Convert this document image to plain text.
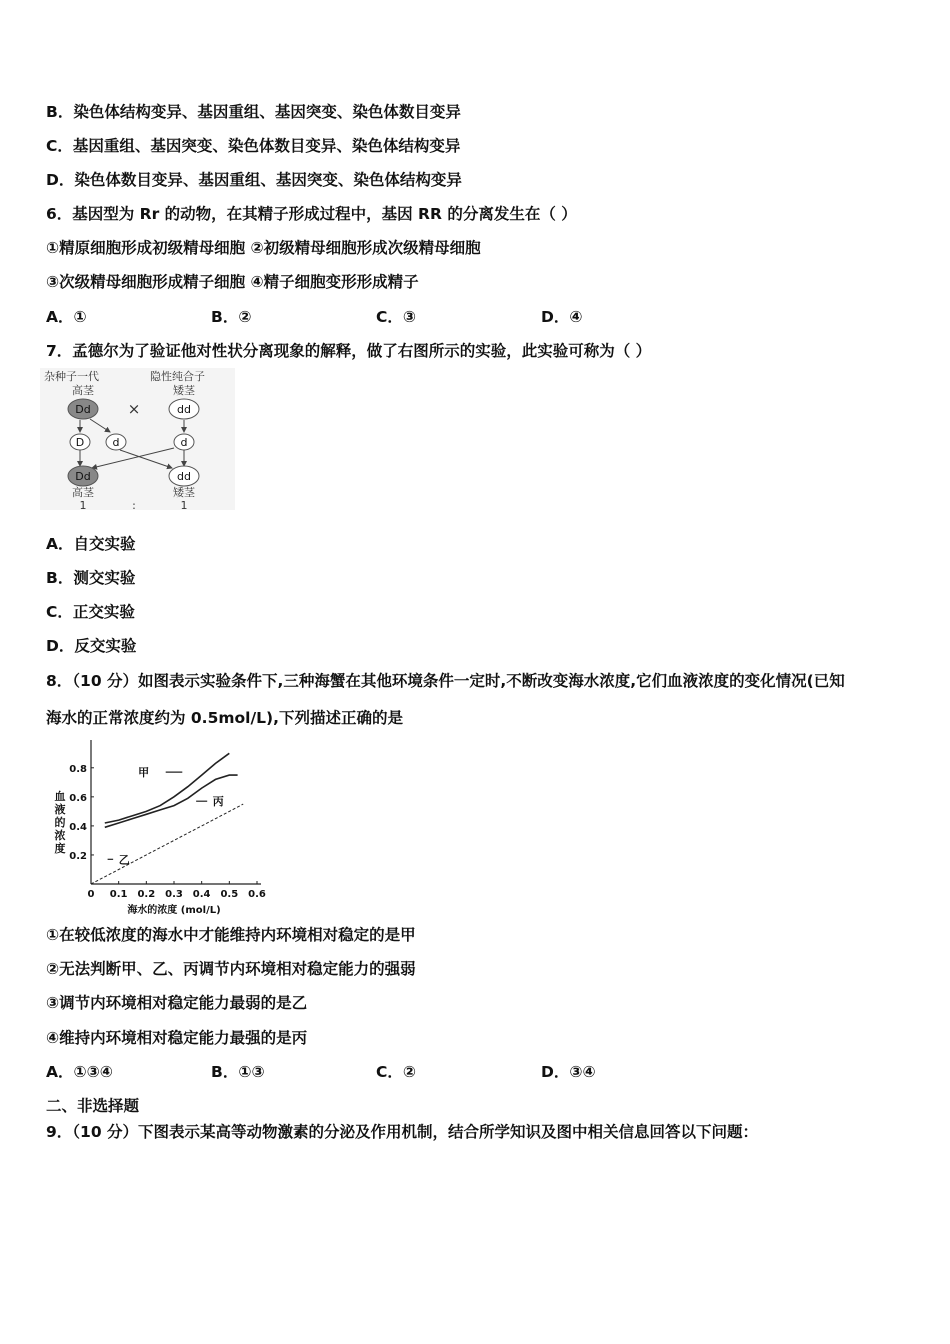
B．染色体结构变异、基因重组、基因突变、染色体数目变异
C．基因重组、基因突变、染色体数目变异、染色体结构变异
D．染色体数目变异、基因重组、基因突变、染色体结构变异
6．基因型为 Rr 的动物，在其精子形成过程中，基因 RR 的分离发生在（ ）
①精原细胞形成初级精母细胞 ②初级精母细胞形成次级精母细胞
③次级精母细胞形成精子细胞 ④精子细胞变形形成精子
A．①	B．②	C．③	D．④
7．孟德尔为了验证他对性状分离现象的解释，做了右图所示的实验，此实验可称为（ ）
杂种子一代	隐性纯合子
高茎	矮茎
Dd ×	dd
D	d	d
Dd	dd
高茎	矮茎
1	:	1
A．自交实验
B．测交实验
C．正交实验
D．反交实验
8．（10 分）如图表示实验条件下,三种海蟹在其他环境条件一定时,不断改变海水浓度,它们血液浓度的变化情况(已知
海水的正常浓度约为 0.5mol/L),下列描述正确的是
0 0.1 0.2 0.3 0.4 0.5 0.6
0.2
0.4
0.6
0.8
海水的浓度 (mol/L)
血
液
的
浓
度
甲
乙
丙
①在较低浓度的海水中才能维持内环境相对稳定的是甲
②无法判断甲、乙、丙调节内环境相对稳定能力的强弱
③调节内环境相对稳定能力最弱的是乙
④维持内环境相对稳定能力最强的是丙
A．①③④	B．①③	C．②	D．③④
二、非选择题
9．（10 分）下图表示某高等动物激素的分泌及作用机制，结合所学知识及图中相关信息回答以下问题：
